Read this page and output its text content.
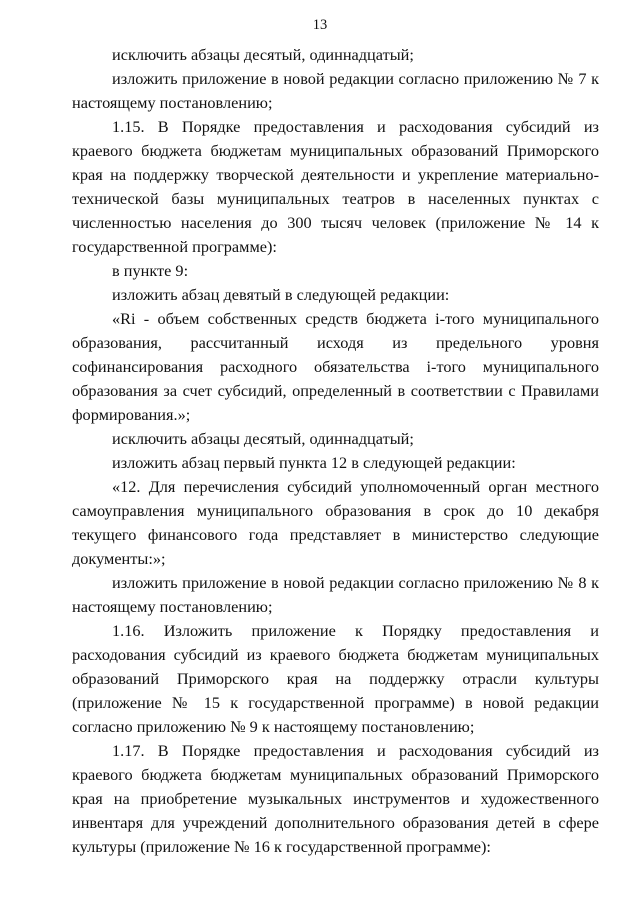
13

исключить абзацы десятый, одиннадцатый;

изложить приложение в новой редакции согласно приложению № 7 к настоящему постановлению;

1.15. В Порядке предоставления и расходования субсидий из краевого бюджета бюджетам муниципальных образований Приморского края на поддержку творческой деятельности и укрепление материально-технической базы муниципальных театров в населенных пунктах с численностью населения до 300 тысяч человек (приложение № 14 к государственной программе):

в пункте 9:

изложить абзац девятый в следующей редакции:

«Ri - объем собственных средств бюджета i-того муниципального образования, рассчитанный исходя из предельного уровня софинансирования расходного обязательства i-того муниципального образования за счет субсидий, определенный в соответствии с Правилами формирования.»;

исключить абзацы десятый, одиннадцатый;

изложить абзац первый пункта 12 в следующей редакции:

«12. Для перечисления субсидий уполномоченный орган местного самоуправления муниципального образования в срок до 10 декабря текущего финансового года представляет в министерство следующие документы:»;

изложить приложение в новой редакции согласно приложению № 8 к настоящему постановлению;

1.16. Изложить приложение к Порядку предоставления и расходования субсидий из краевого бюджета бюджетам муниципальных образований Приморского края на поддержку отрасли культуры (приложение № 15 к государственной программе) в новой редакции согласно приложению № 9 к настоящему постановлению;

1.17. В Порядке предоставления и расходования субсидий из краевого бюджета бюджетам муниципальных образований Приморского края на приобретение музыкальных инструментов и художественного инвентаря для учреждений дополнительного образования детей в сфере культуры (приложение № 16 к государственной программе):
